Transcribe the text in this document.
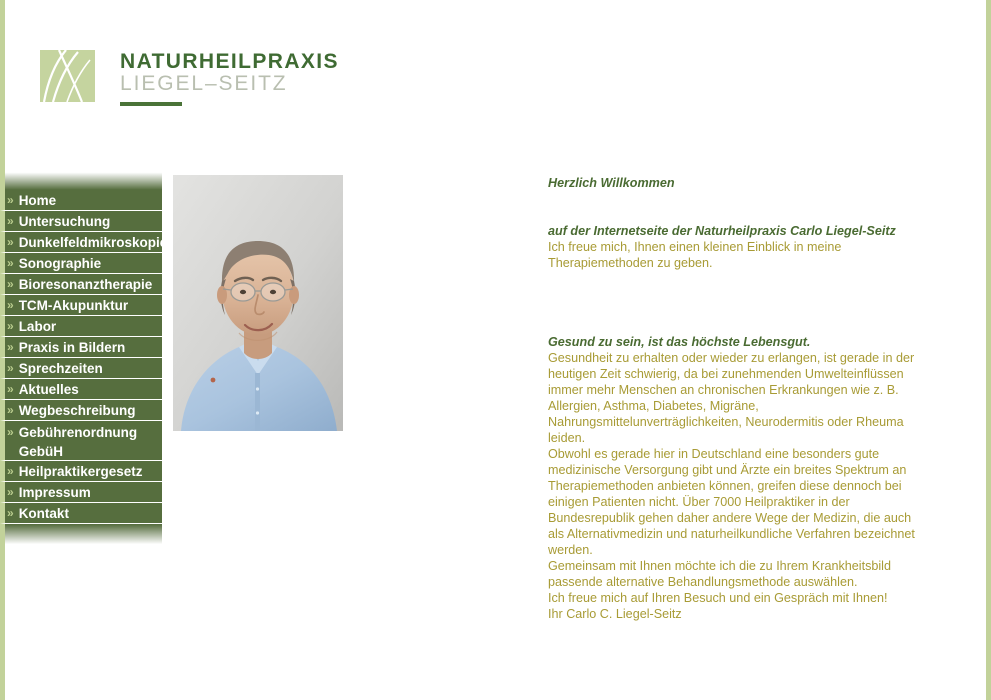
NATURHEILPRAXIS
LIEGEL–SEITZ
» Home
» Untersuchung
» Dunkelfeldmikroskopie
» Sonographie
» Bioresonanztherapie
» TCM-Akupunktur
» Labor
» Praxis in Bildern
» Sprechzeiten
» Aktuelles
» Wegbeschreibung
» Gebührenordnung GebüH
» Heilpraktikergesetz
» Impressum
» Kontakt
Herzlich Willkommen
auf der Internetseite der Naturheilpraxis Carlo Liegel-Seitz
Ich freue mich, Ihnen einen kleinen Einblick in meine Therapiemethoden zu geben.
Gesund zu sein, ist das höchste Lebensgut.
Gesundheit zu erhalten oder wieder zu erlangen, ist gerade in der heutigen Zeit schwierig, da bei zunehmenden Umwelteinflüssen immer mehr Menschen an chronischen Erkrankungen wie z. B. Allergien, Asthma, Diabetes, Migräne, Nahrungsmittelunverträglichkeiten, Neurodermitis oder Rheuma leiden.
Obwohl es gerade hier in Deutschland eine besonders gute medizinische Versorgung gibt und Ärzte ein breites Spektrum an Therapiemethoden anbieten können, greifen diese dennoch bei einigen Patienten nicht. Über 7000 Heilpraktiker in der Bundesrepublik gehen daher andere Wege der Medizin, die auch als Alternativmedizin und naturheilkundliche Verfahren bezeichnet werden.
Gemeinsam mit Ihnen möchte ich die zu Ihrem Krankheitsbild passende alternative Behandlungsmethode auswählen.
Ich freue mich auf Ihren Besuch und ein Gespräch mit Ihnen!
Ihr Carlo C. Liegel-Seitz
